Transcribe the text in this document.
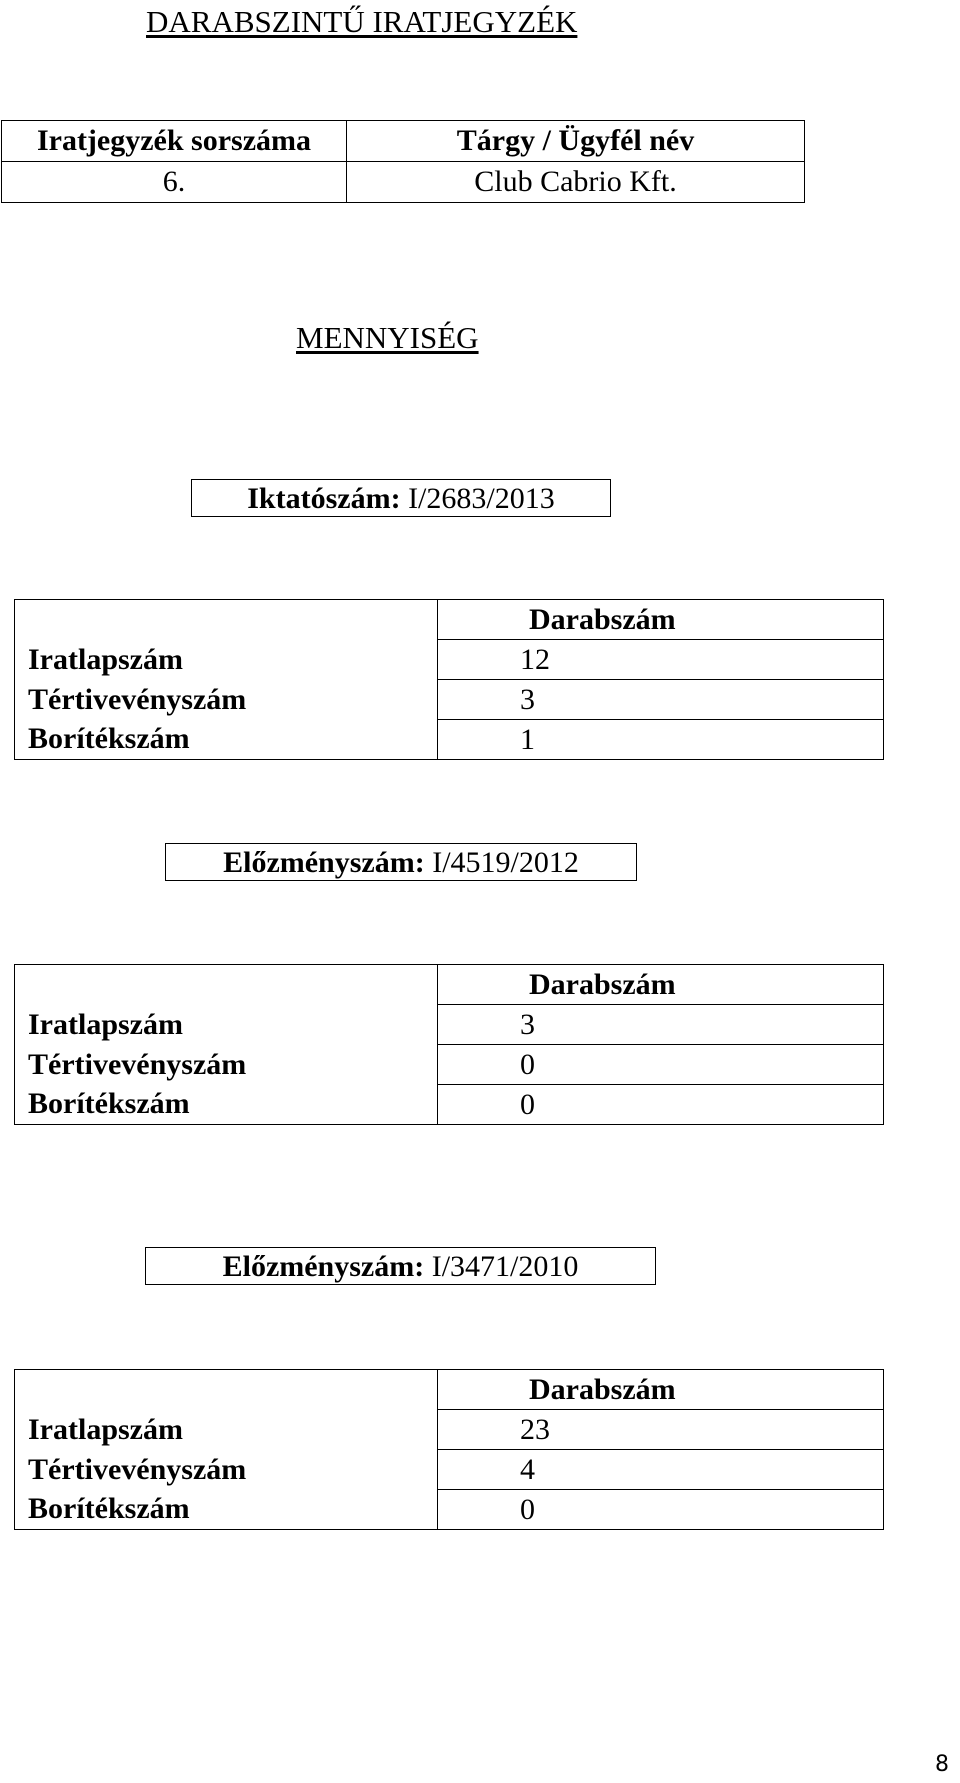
DARABSZINTŰ IRATJEGYZÉK
Iratjegyzék sorszáma	Tárgy / Ügyfél név
6.	Club Cabrio Kft.
MENNYISÉG
Iktatószám: I/2683/2013
	Darabszám
Iratlapszám	12
Tértivevényszám	3
Borítékszám	1
Előzményszám: I/4519/2012
	Darabszám
Iratlapszám	3
Tértivevényszám	0
Borítékszám	0
Előzményszám: I/3471/2010
	Darabszám
Iratlapszám	23
Tértivevényszám	4
Borítékszám	0
8
